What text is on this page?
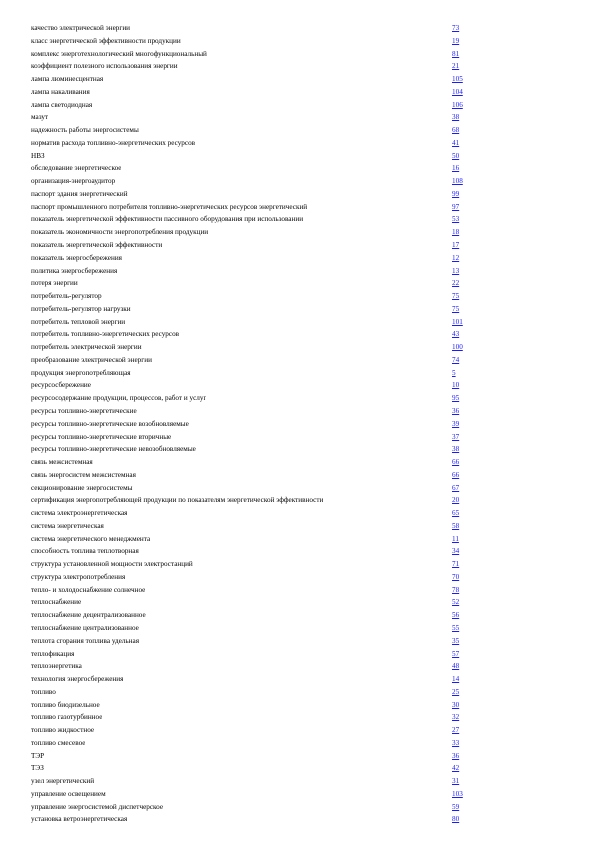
качество электрической энергии	73
класс энергетической эффективности продукции	19
комплекс энерготехнологический многофункциональный	81
коэффициент полезного использования энергии	21
лампа люминесцентная	105
лампа накаливания	104
лампа светодиодная	106
мазут	38
надежность работы энергосистемы	68
норматив расхода топливно-энергетических ресурсов	41
НВЗ	50
обследование энергетическое	16
организация-энергоаудитор	108
паспорт здания энергетический	99
паспорт промышленного потребителя топливно-энергетических ресурсов энергетический	97
показатель энергетической эффективности пассивного оборудования при использовании	53
показатель экономичности энергопотребления продукции	18
показатель энергетической эффективности	17
показатель энергосбережения	12
политика энергосбережения	13
потеря энергии	22
потребитель-регулятор	75
потребитель-регулятор нагрузки	75
потребитель тепловой энергии	101
потребитель топливно-энергетических ресурсов	43
потребитель электрической энергии	100
преобразование электрической энергии	74
продукция энергопотребляющая	5
ресурсосбережение	10
ресурсосодержание продукции, процессов, работ и услуг	95
ресурсы топливно-энергетические	36
ресурсы топливно-энергетические возобновляемые	39
ресурсы топливно-энергетические вторичные	37
ресурсы топливно-энергетические невозобновляемые	38
связь межсистемная	66
связь энергосистем межсистемная	66
секционирование энергосистемы	67
сертификация энергопотребляющей продукции по показателям энергетической эффективности	20
система электроэнергетическая	65
система энергетическая	58
система энергетического менеджмента	11
способность топлива теплотворная	34
структура установленной мощности электростанций	71
структура электропотребления	70
тепло- и холодоснабжение солнечное	78
теплоснабжение	52
теплоснабжение децентрализованное	56
теплоснабжение централизованное	55
теплота сгорания топлива удельная	35
теплофикация	57
теплоэнергетика	48
технология энергосбережения	14
топливо	25
топливо биодизельное	30
топливо газотурбинное	32
топливо жидкостное	27
топливо смесевое	33
ТЭР	36
ТЭЗ	42
узел энергетический	31
управление освещением	103
управление энергосистемой диспетчерское	59
установка ветроэнергетическая	80
